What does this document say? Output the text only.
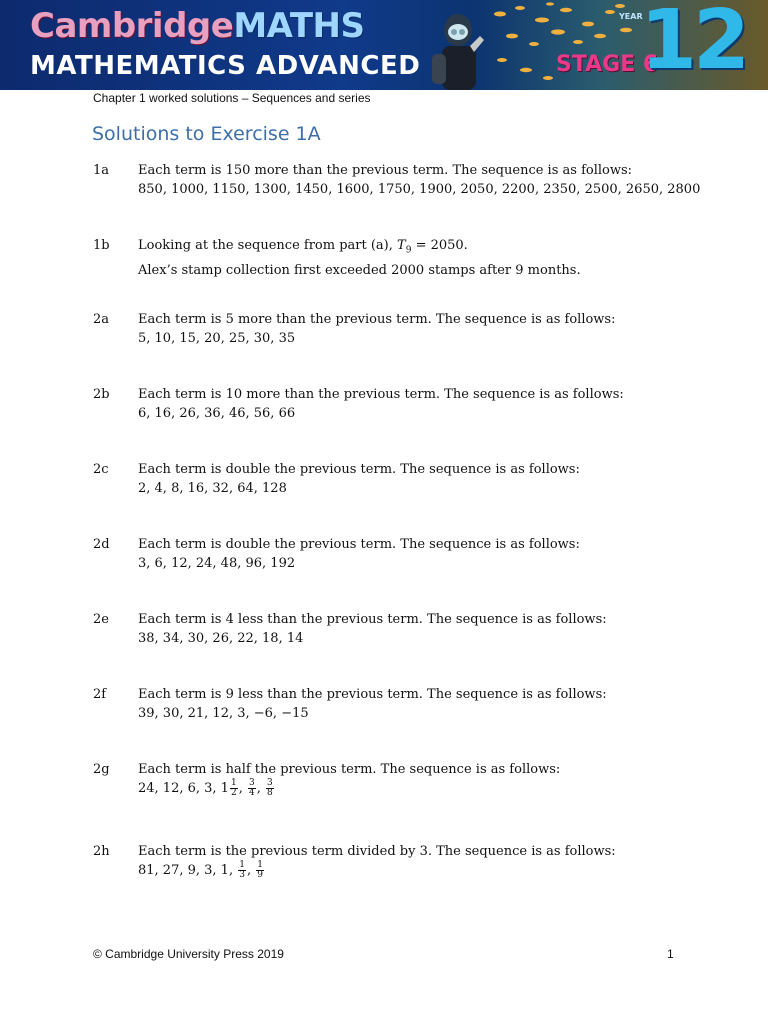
CambridgeMATHS
MATHEMATICS ADVANCED	STAGE 6
YEAR
12
Chapter 1 worked solutions – Sequences and series
Solutions to Exercise 1A
1a Each term is 150 more than the previous term. The sequence is as follows:
850, 1000, 1150, 1300, 1450, 1600, 1750, 1900, 2050, 2200, 2350, 2500, 2650, 2800
1b Looking at the sequence from part (a), $T_9 = 2050$.
Alex’s stamp collection first exceeded 2000 stamps after 9 months.
2a Each term is 5 more than the previous term. The sequence is as follows:
5, 10, 15, 20, 25, 30, 35
2b Each term is 10 more than the previous term. The sequence is as follows:
6, 16, 26, 36, 46, 56, 66
2c Each term is double the previous term. The sequence is as follows:
2, 4, 8, 16, 32, 64, 128
2d Each term is double the previous term. The sequence is as follows:
3, 6, 12, 24, 48, 96, 192
2e Each term is 4 less than the previous term. The sequence is as follows:
38, 34, 30, 26, 22, 18, 14
2f Each term is 9 less than the previous term. The sequence is as follows:
39, 30, 21, 12, 3, −6, −15
2g Each term is half the previous term. The sequence is as follows:
24, 12, 6, 3, $1 \frac{1}{2}$ , $\frac{3}{4}$ , $\frac{3}{8}$
2h Each term is the previous term divided by 3. The sequence is as follows:
81, 27, 9, 3, 1, $\frac{1}{3}$ , $\frac{1}{9}$
© Cambridge University Press 2019	1
